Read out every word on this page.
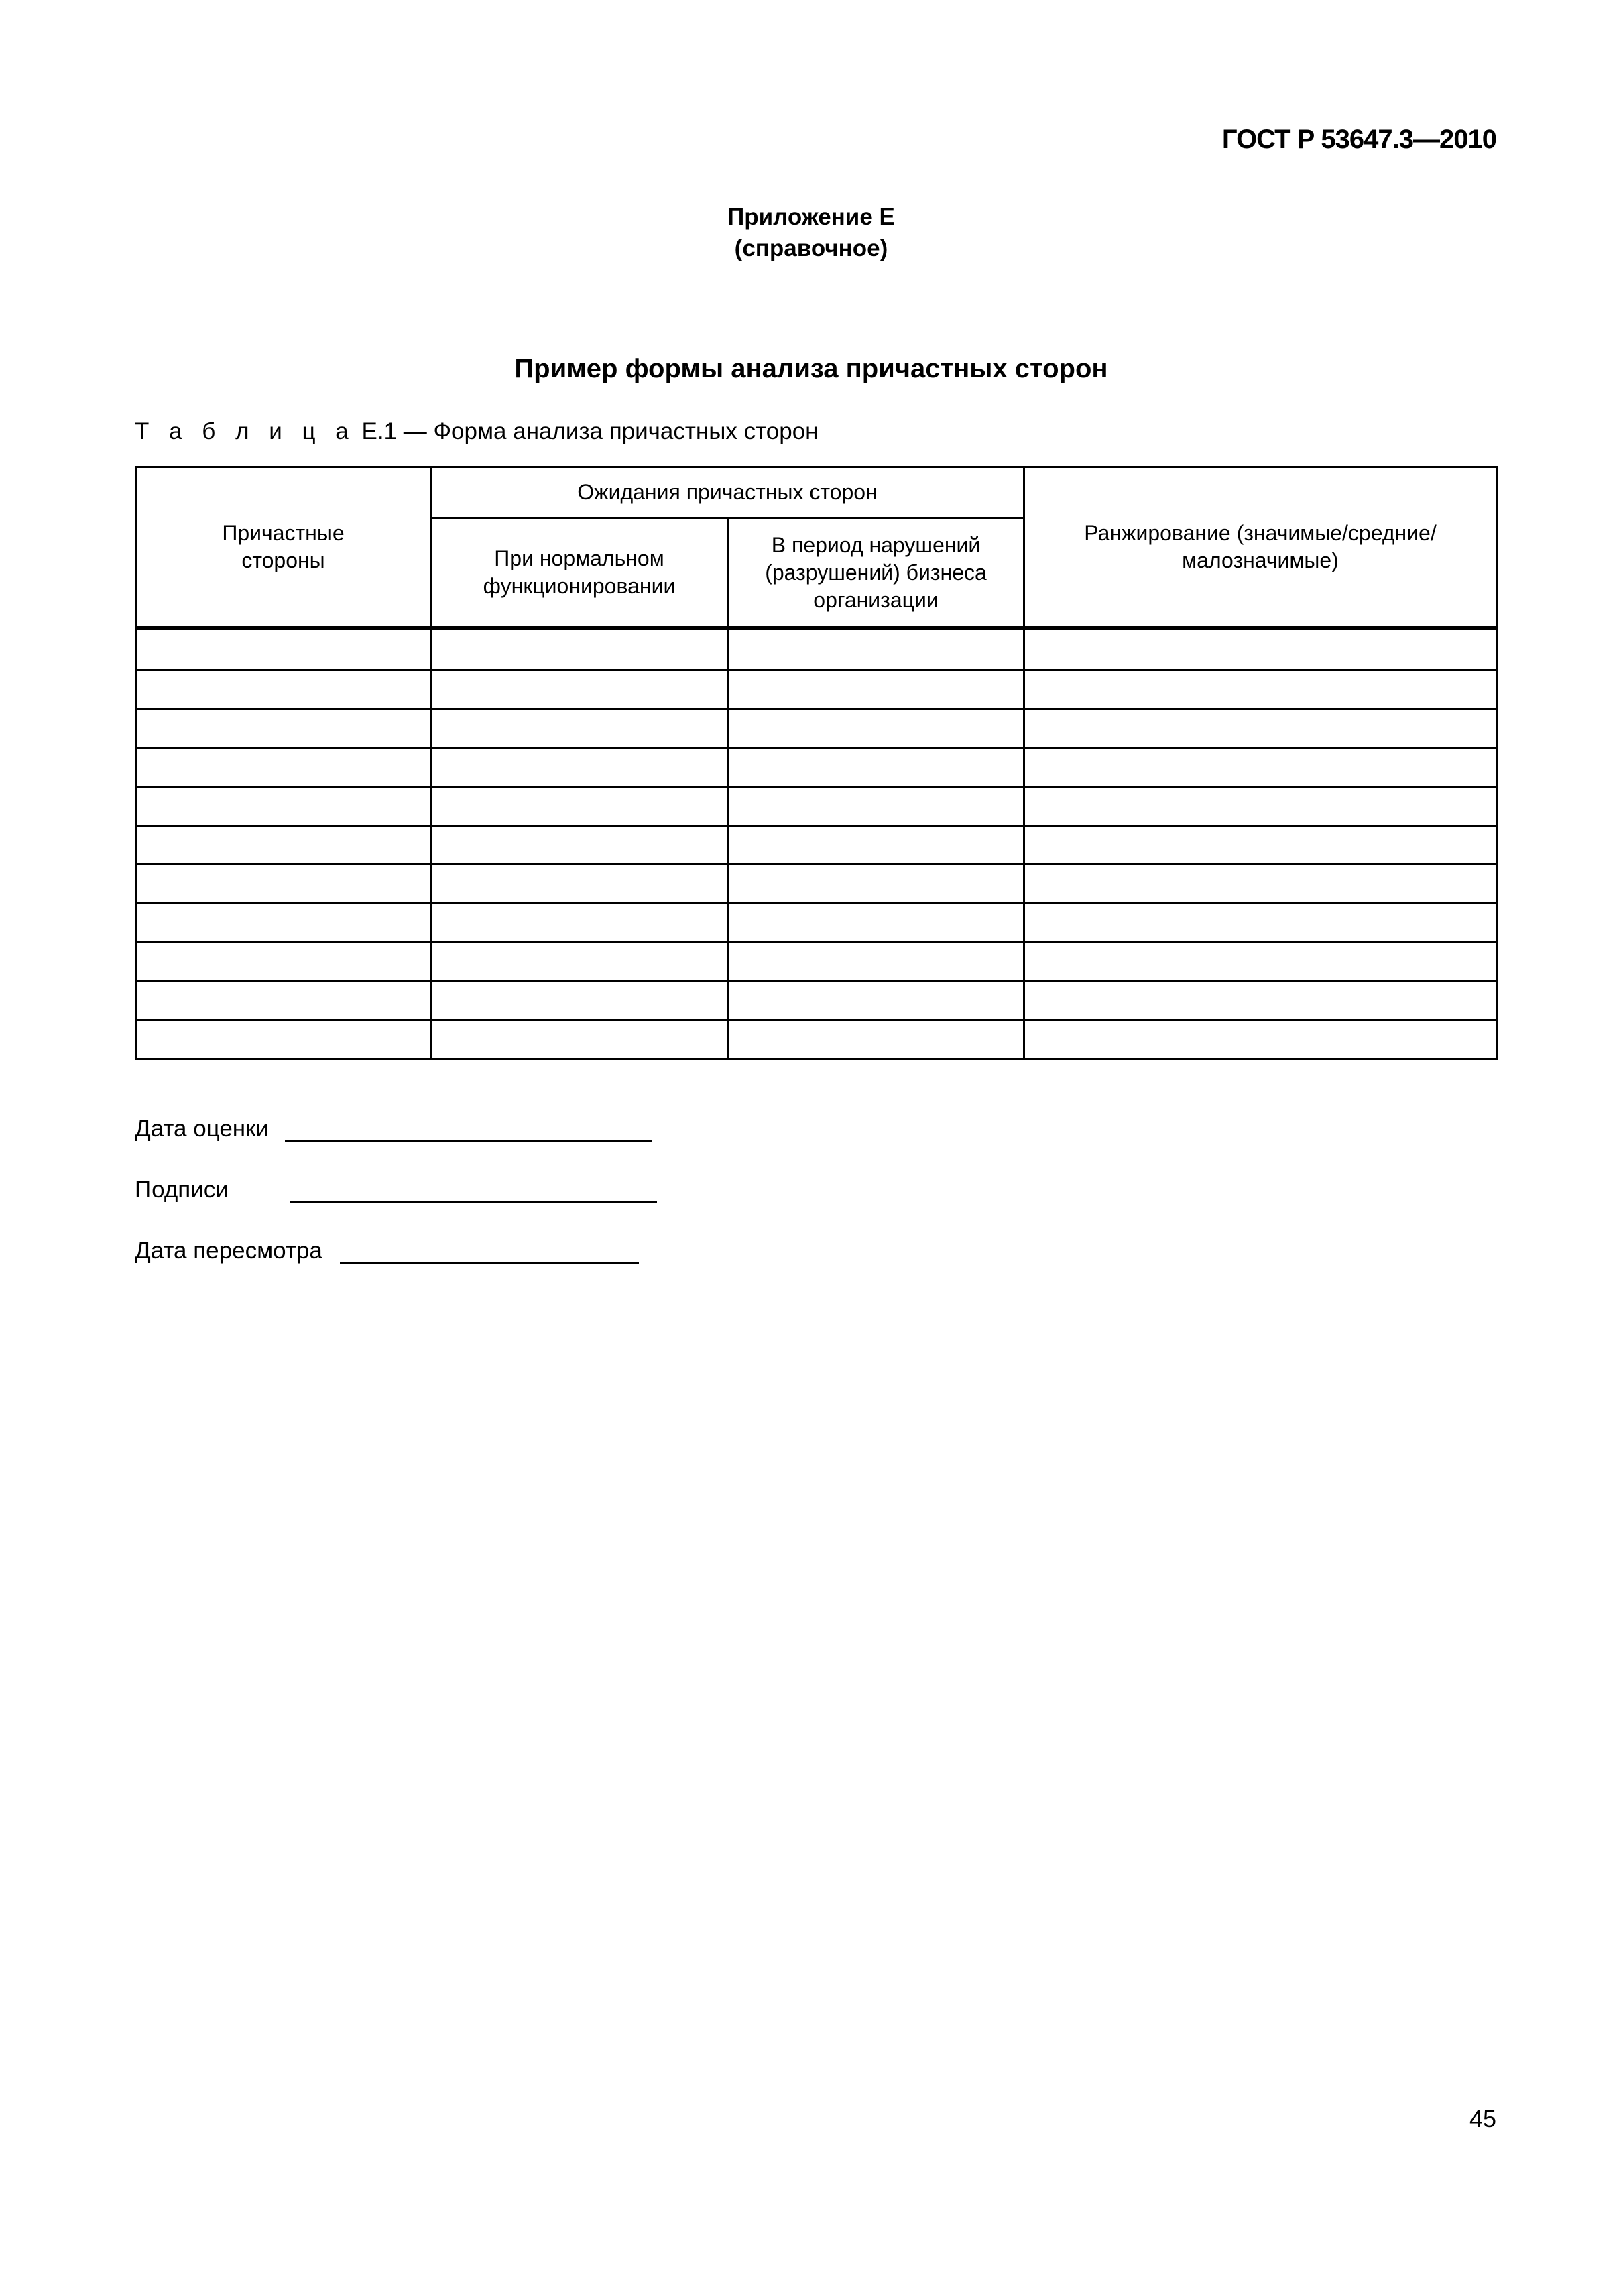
ГОСТ Р 53647.3—2010
Приложение Е
(справочное)
Пример формы анализа причастных сторон
Т а б л и ц а Е.1 — Форма анализа причастных сторон
Причастные стороны	Ожидания причастных сторон		Ранжирование (значимые/средние/малозначимые)

	При нормальном функционировании	В период нарушений (разрушений) бизнеса организации	

Дата оценки
Подписи
Дата пересмотра
45
